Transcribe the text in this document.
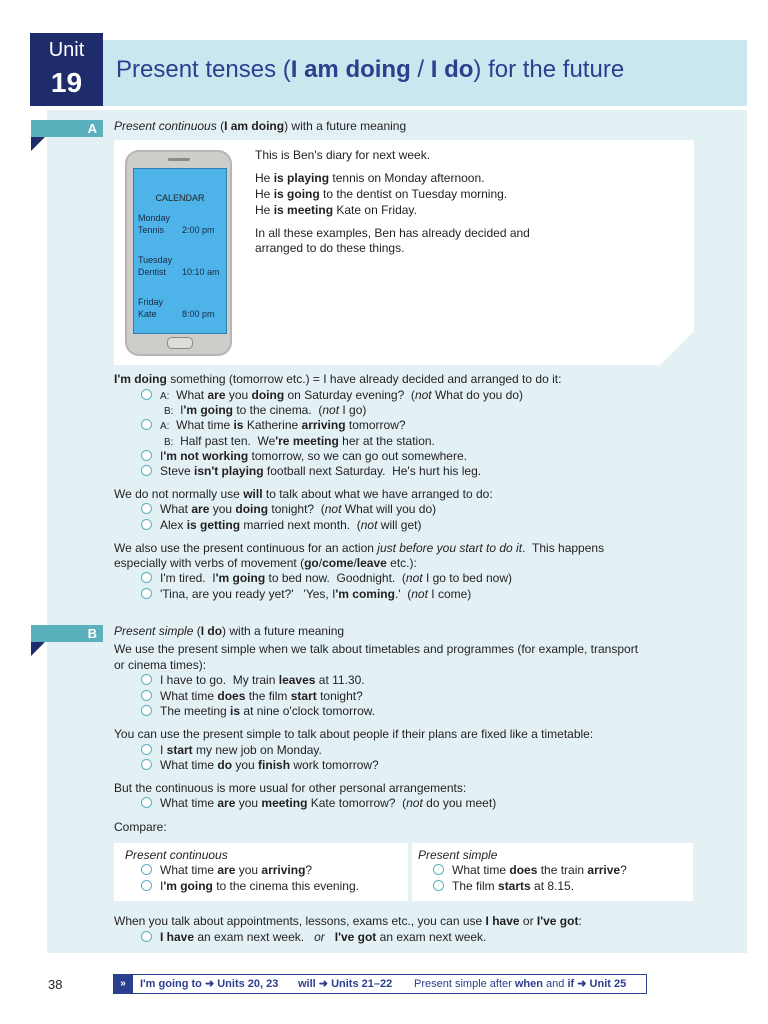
Unit
19	Present tenses (I am doing / I do) for the future
A	Present continuous (I am doing) with a future meaning
CALENDAR
Monday
Tennis 2:00 pm
Tuesday
Dentist 10:10 am
Friday
Kate	8:00 pm
This is Ben's diary for next week.
He is playing tennis on Monday afternoon.
He is going to the dentist on Tuesday morning.
He is meeting Kate on Friday.
In all these examples, Ben has already decided and
arranged to do these things.
I'm doing something (tomorrow etc.) = I have already decided and arranged to do it:
A:  What are you doing on Saturday evening?  (not What do you do)
B:  I'm going to the cinema.  (not I go)
A:  What time is Katherine arriving tomorrow?
B:  Half past ten.  We're meeting her at the station.
I'm not working tomorrow, so we can go out somewhere.
Steve isn't playing football next Saturday.  He's hurt his leg.
We do not normally use will to talk about what we have arranged to do:
What are you doing tonight?  (not What will you do)
Alex is getting married next month.  (not will get)
We also use the present continuous for an action just before you start to do it.  This happens
especially with verbs of movement (go/come/leave etc.):
I'm tired.  I'm going to bed now.  Goodnight.  (not I go to bed now)
'Tina, are you ready yet?'   'Yes, I'm coming.'  (not I come)
B	Present simple (I do) with a future meaning
We use the present simple when we talk about timetables and programmes (for example, transport
or cinema times):
I have to go.  My train leaves at 11.30.
What time does the film start tonight?
The meeting is at nine o'clock tomorrow.
You can use the present simple to talk about people if their plans are fixed like a timetable:
I start my new job on Monday.
What time do you finish work tomorrow?
But the continuous is more usual for other personal arrangements:
What time are you meeting Kate tomorrow?  (not do you meet)
Compare:
Present continuous
What time are you arriving?
I'm going to the cinema this evening.
Present simple
What time does the train arrive?
The film starts at 8.15.
When you talk about appointments, lessons, exams etc., you can use I have or I've got:
I have an exam next week.   or I've got an exam next week.
38	»	I'm going to ➜ Units 20, 23 will ➜ Units 21–22 Present simple after when and if ➜ Unit 25
